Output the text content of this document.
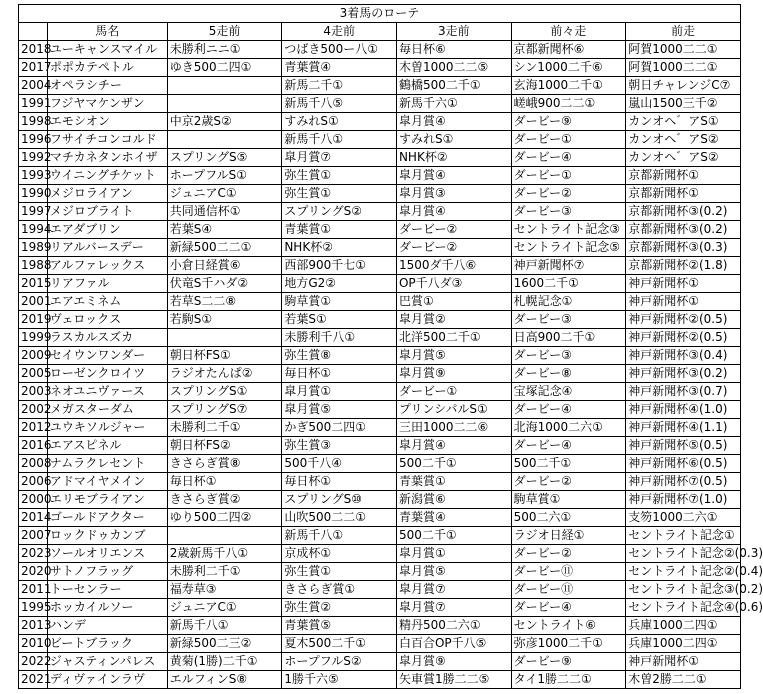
3着馬のローテ						
	馬名	5走前	4走前	3走前	前々走	前走
2018	ユーキャンスマイル	未勝利ニニ①	つばき500ー八①	毎日杯⑥	京都新聞杯⑥	阿賀1000二二①
2017	ポポカテペトル	ゆき500二四①	青葉賞④	木曽1000二二⑤	シン1000二千⑥	阿賀1000二二①
2004	オペラシチー		新馬二千①	鶴橋500二千①	玄海1000二千①	朝日チャレンジC⑦
1991	フジヤマケンザン		新馬千八⑤	新馬千六①	嵯峨900二二①	嵐山1500三千②
1998	エモシオン	中京2歳S②	すみれS①	皐月賞④	ダービー⑨	カンオヘ゛アS①
1996	フサイチコンコルド		新馬千八①	すみれS①	ダービー①	カンオヘ゛アS②
1992	マチカネタンホイザ	スプリングS⑤	皐月賞⑦	NHK杯②	ダービー④	カンオヘ゛アS②
1993	ウイニングチケット	ホープフルS①	弥生賞①	皐月賞④	ダービー①	京都新聞杯①
1990	メジロライアン	ジュニアC①	弥生賞①	皐月賞③	ダービー②	京都新聞杯①
1997	メジロブライト	共同通信杯①	スプリングS②	皐月賞④	ダービー③	京都新聞杯③(0.2)
1994	エアダブリン	若葉S④	青葉賞①	ダービー②	セントライト記念③	京都新聞杯③(0.2)
1989	リアルバースデー	新緑500二二①	NHK杯②	ダービー②	セントライト記念⑤	京都新聞杯③(0.3)
1988	アルファレックス	小倉日経賞⑥	西部900千七①	1500ダ千八⑥	神戸新聞杯⑦	京都新聞杯②(1.8)
2015	リアファル	伏竜S千ハダ②	地方G2②	OP千八ダ③	1600二千①	神戸新聞杯①
2001	エアエミネム	若草S二二⑧	駒草賞①	巴賞①	札幌記念①	神戸新聞杯①
2019	ヴェロックス	若駒S①	若葉S①	皐月賞②	ダービー③	神戸新聞杯②(0.5)
1999	ラスカルスズカ		未勝利千八①	北洋500二千①	日高900二千①	神戸新聞杯②(0.5)
2009	セイウンワンダー	朝日杯FS①	弥生賞⑧	皐月賞⑤	ダービー③	神戸新聞杯③(0.4)
2005	ローゼンクロイツ	ラジオたんぱ②	毎日杯①	皐月賞⑨	ダービー⑧	神戸新聞杯③(0.2)
2003	ネオユニヴァース	スプリングS①	皐月賞①	ダービー①	宝塚記念④	神戸新聞杯③(0.7)
2002	メガスターダム	スプリングS⑦	皐月賞⑤	プリンシパルS①	ダービー④	神戸新聞杯④(1.0)
2012	ユウキソルジャー	未勝利二千①	かぎ500二四①	三田1000二二⑥	北海1000二六①	神戸新聞杯④(1.1)
2016	エアスピネル	朝日杯FS②	弥生賞③	皐月賞④	ダービー④	神戸新聞杯⑤(0.5)
2008	ナムラクレセント	きさらぎ賞⑧	500千八④	500二千①	500二千①	神戸新聞杯⑥(0.5)
2006	アドマイヤメイン	毎日杯①	毎日杯①	青葉賞①	ダービー②	神戸新聞杯⑦(0.5)
2000	エリモブライアン	きさらぎ賞②	スプリングS⑩	新潟賞⑥	駒草賞①	神戸新聞杯⑦(1.0)
2014	ゴールドアクター	ゆり500二四②	山吹500二二①	青葉賞④	500二六①	支笏1000二六①
2007	ロックドゥカンブ		新馬千八①	500二千①	ラジオ日経①	セントライト記念①
2023	ソールオリエンス	2歳新馬千八①	京成杯①	皐月賞①	ダービー②	セントライト記念②(0.3)
2020	サトノフラッグ	未勝利二千①	弥生賞①	皐月賞⑤	ダービー⑪	セントライト記念②(0.4)
2011	トーセンラー	福寿草③	きさらぎ賞①	皐月賞⑦	ダービー⑪	セントライト記念③(0.2)
1995	ホッカイルソー	ジュニアC①	弥生賞②	皐月賞⑦	ダービー④	セントライト記念④(0.6)
2013	ハンデ	新馬千八①	青葉賞⑤	精丹500二六①	セントライト⑥	兵庫1000二四①
2010	ビートブラック	新緑500二三②	夏木500二千①	白百合OP千八⑤	弥彦1000二千①	兵庫1000二四①
2022	ジャスティンパレス	黄菊(1勝)二千①	ホープフルS②	皐月賞⑨	ダービー⑨	神戸新聞杯①
2021	ディヴァインラヴ	エルフィンS⑧	1勝千六⑤	矢車賞1勝二二⑤	タイ1勝二二①	木曽2勝二二①
